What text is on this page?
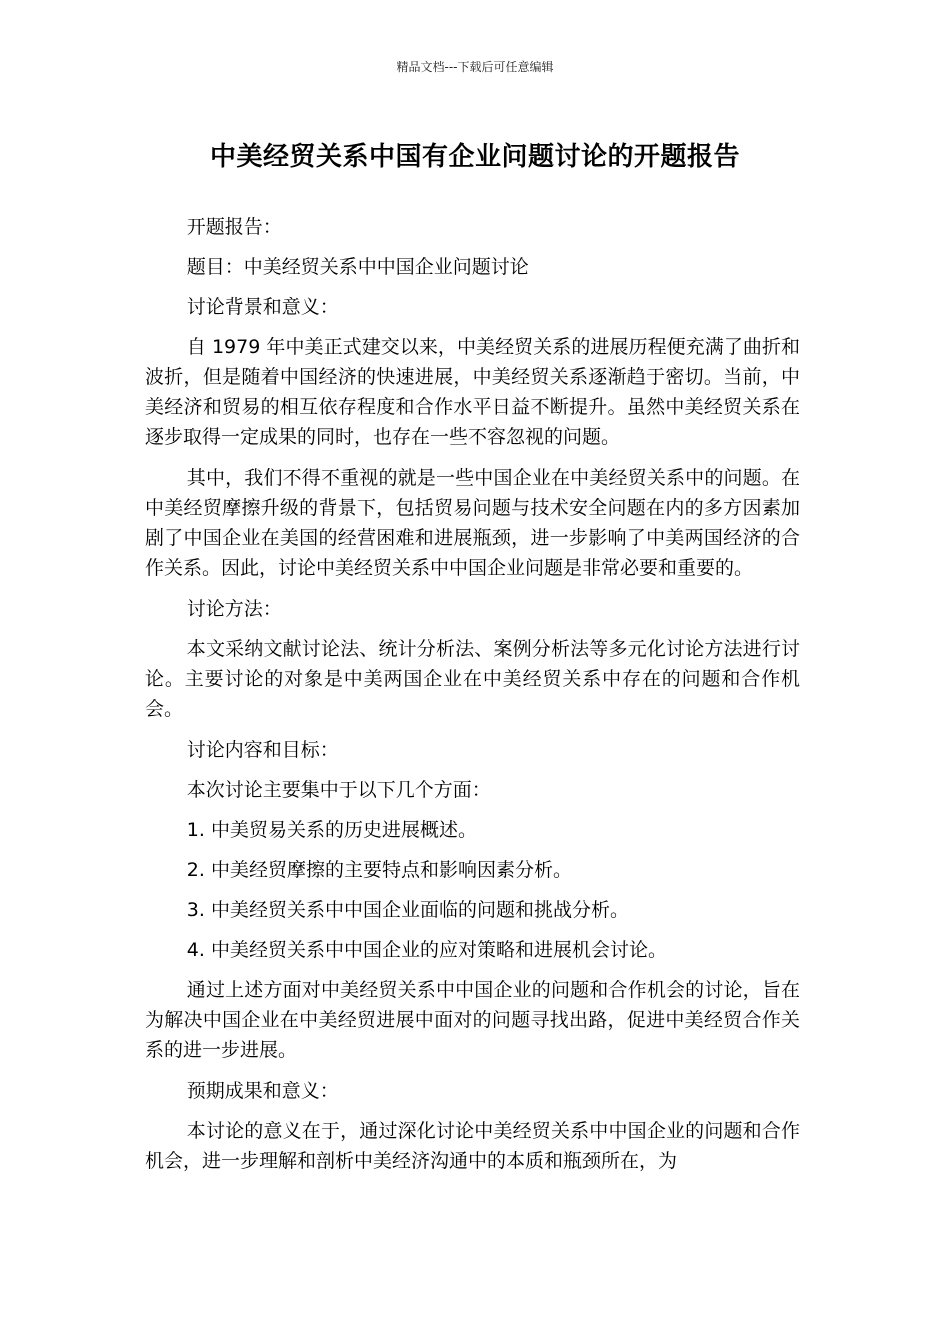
精品文档---下载后可任意编辑
中美经贸关系中国有企业问题讨论的开题报告

开题报告：

题目：中美经贸关系中中国企业问题讨论

讨论背景和意义：

自 1979 年中美正式建交以来，中美经贸关系的进展历程便充满了曲折和波折，但是随着中国经济的快速进展，中美经贸关系逐渐趋于密切。当前，中美经济和贸易的相互依存程度和合作水平日益不断提升。虽然中美经贸关系在逐步取得一定成果的同时，也存在一些不容忽视的问题。

其中，我们不得不重视的就是一些中国企业在中美经贸关系中的问题。在中美经贸摩擦升级的背景下，包括贸易问题与技术安全问题在内的多方因素加剧了中国企业在美国的经营困难和进展瓶颈，进一步影响了中美两国经济的合作关系。因此，讨论中美经贸关系中中国企业问题是非常必要和重要的。

讨论方法：

本文采纳文献讨论法、统计分析法、案例分析法等多元化讨论方法进行讨论。主要讨论的对象是中美两国企业在中美经贸关系中存在的问题和合作机会。

讨论内容和目标：

本次讨论主要集中于以下几个方面：

1. 中美贸易关系的历史进展概述。

2. 中美经贸摩擦的主要特点和影响因素分析。

3. 中美经贸关系中中国企业面临的问题和挑战分析。

4. 中美经贸关系中中国企业的应对策略和进展机会讨论。

通过上述方面对中美经贸关系中中国企业的问题和合作机会的讨论，旨在为解决中国企业在中美经贸进展中面对的问题寻找出路，促进中美经贸合作关系的进一步进展。

预期成果和意义：

本讨论的意义在于，通过深化讨论中美经贸关系中中国企业的问题和合作机会，进一步理解和剖析中美经济沟通中的本质和瓶颈所在，为
